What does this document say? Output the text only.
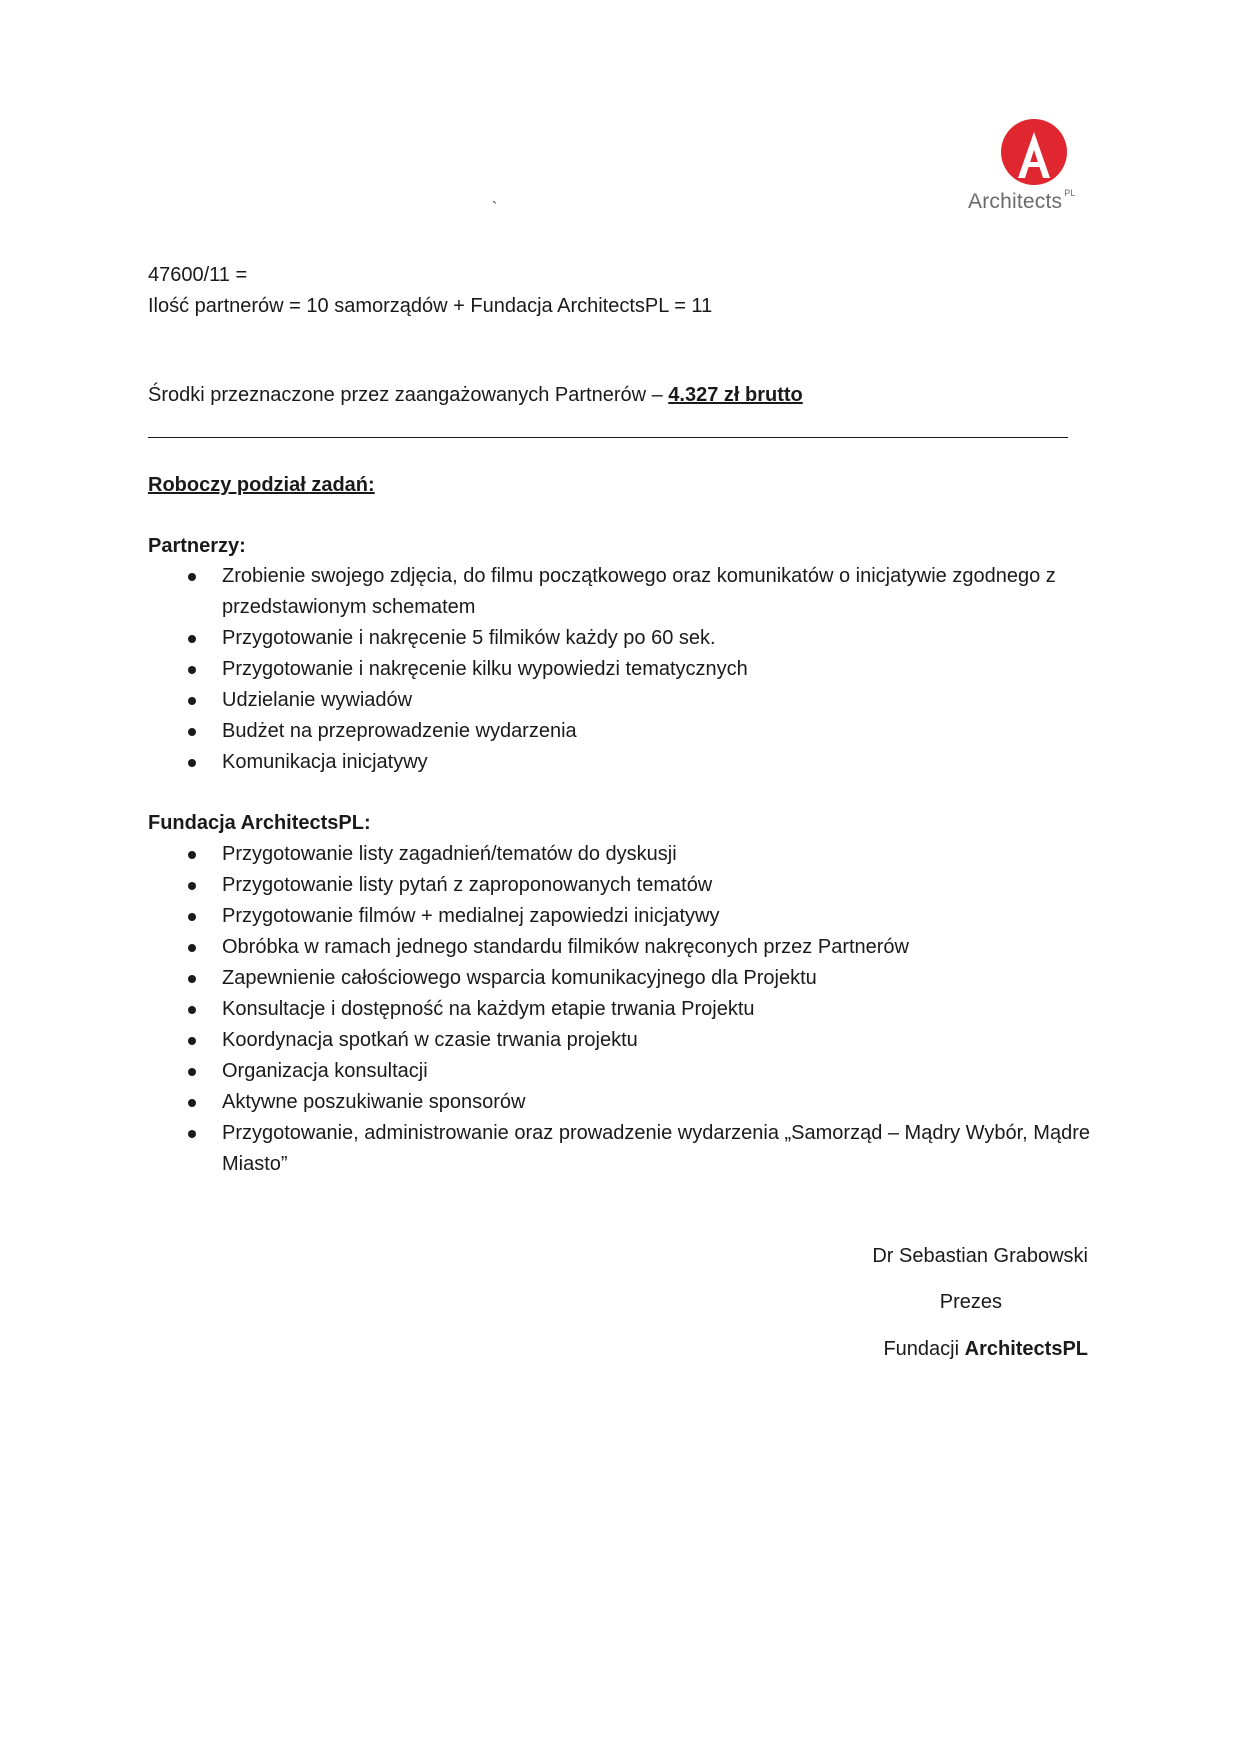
Architects $^{PL}$
`
47600/11 =
Ilość partnerów = 10 samorządów + Fundacja ArchitectsPL = 11
Środki przeznaczone przez zaangażowanych Partnerów – 4.327 zł brutto
Roboczy podział zadań:
Partnerzy:
Zrobienie swojego zdjęcia, do filmu początkowego oraz komunikatów o inicjatywie zgodnego z przedstawionym schematem
Przygotowanie i nakręcenie 5 filmików każdy po 60 sek.
Przygotowanie i nakręcenie kilku wypowiedzi tematycznych
Udzielanie wywiadów
Budżet na przeprowadzenie wydarzenia
Komunikacja inicjatywy
Fundacja ArchitectsPL:
Przygotowanie listy zagadnień/tematów do dyskusji
Przygotowanie listy pytań z zaproponowanych tematów
Przygotowanie filmów + medialnej zapowiedzi inicjatywy
Obróbka w ramach jednego standardu filmików nakręconych przez Partnerów
Zapewnienie całościowego wsparcia komunikacyjnego dla Projektu
Konsultacje i dostępność na każdym etapie trwania Projektu
Koordynacja spotkań w czasie trwania projektu
Organizacja konsultacji
Aktywne poszukiwanie sponsorów
Przygotowanie, administrowanie oraz prowadzenie wydarzenia „Samorząd – Mądry Wybór, Mądre Miasto”
Dr Sebastian Grabowski
Prezes
Fundacji ArchitectsPL
